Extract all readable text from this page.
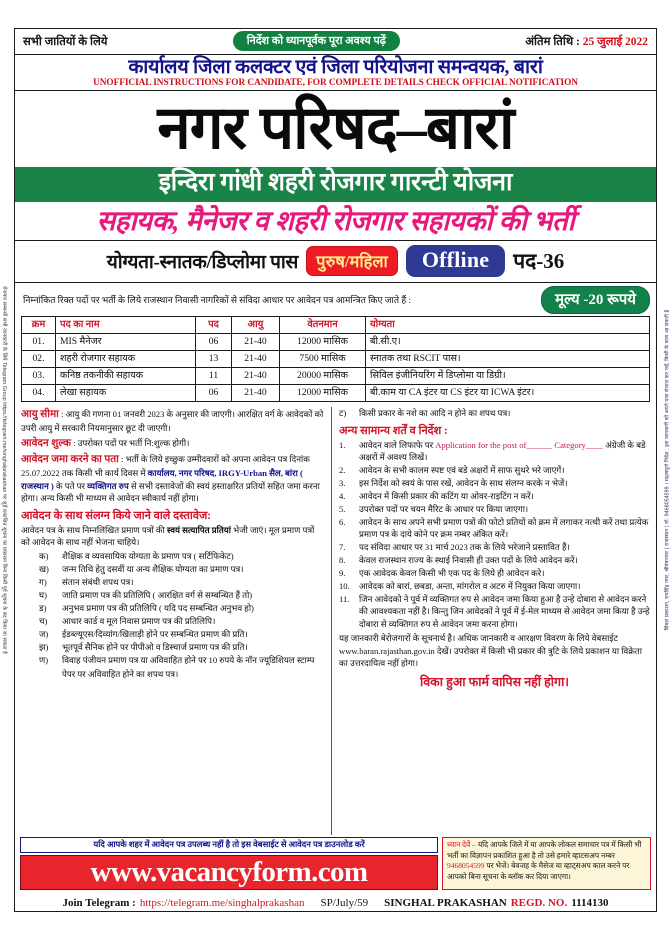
रोजगार सम्बन्धी सभी जानकारी के लिये Telegram Group https://telegram.me/singhalprakashan पर जुड़ें प्रकाशित सूचना का प्रकाशन बिना किसी पूर्व सूचना के बंद किया जा सकता है	सिंघल प्रकाशन, रायसिंह नगर, श्रीगंगानगर ( राजस्थान ) मो. 9468054599 । महत्वपूर्ण निर्देश : इस जानकारी को अपने पास संभाल कर रखें, किसी के काम आ सकती है
सभी जातियों के लिये	निर्देश को ध्यानपूर्वक पूरा अवश्य पढ़ें	अंतिम तिथि : 25 जुलाई 2022
कार्यालय जिला कलक्टर एवं जिला परियोजना समन्वयक, बारां
UNOFFICIAL INSTRUCTIONS FOR CANDIDATE, FOR COMPLETE DETAILS CHECK OFFICIAL NOTIFICATION
नगर परिषद–बारां
इन्दिरा गांधी शहरी रोजगार गारन्टी योजना
सहायक, मैनेजर व शहरी रोजगार सहायकों की भर्ती
योग्यता-स्नातक/डिप्लोमा पास	पुरुष/महिला	Offline	पद-36
निम्नांकित रिक्त पदों पर भर्ती के लिये राजस्थान निवासी नागरिकों से संविदा आधार पर आवेदन पत्र आमन्त्रित किए जाते हैं :	मूल्य -20 रूपये
क्रम	पद का नाम	पद	आयु	वेतनमान	योग्यता
01.	MIS मैनेजर	06	21-40	12000 मासिक	बी.सी.ए।
02.	शहरी रोजगार सहायक	13	21-40	7500 मासिक	स्नातक तथा RSCIT पास।
03.	कनिष्ठ तकनीकी सहायक	11	21-40	20000 मासिक	सिविल इंजीनियरिंग में डिप्लोमा या डिग्री।
04.	लेखा सहायक	06	21-40	12000 मासिक	बी.काम या CA इंटर या CS इंटर या ICWA इंटर।
आयु सीमा : आयु की गणना 01 जनवरी 2023 के अनुसार की जाएगी। आरक्षित वर्ग के आवेदकों को उपरी आयु में सरकारी नियमानुसार छूट दी जाएगी।
आवेदन शुल्क : उपरोक्त पदों पर भर्ती नि:शुल्क होगी।
आवेदन जमा करने का पता : भर्ती के लिये इच्छुक उम्मीदवारों को अपना आवेदन पत्र दिनांक 25.07.2022 तक किसी भी कार्य दिवस में कार्यालय, नगर परिषद, IRGY-Urban सैल, बांरा ( राजस्थान ) के पते पर व्यक्तिगत रुप से सभी दस्तावेजों की स्वयं हस्ताक्षरित प्रतियों सहित जमा करना होगा। अन्य किसी भी माध्यम से आवेदन स्वीकार्य नहीं होगा।
आवेदन के साथ संलग्न किये जाने वाले दस्तावेज:
आवेदन पत्र के साथ निम्नलिखित प्रमाण पत्रों की स्वयं सत्यापित प्रतियां भेजी जाएं। मूल प्रमाण पत्रों को आवेदन के साथ नहीं भेजना चाहिये।
क)	शैक्षिक व व्यवसायिक योग्यता के प्रमाण पत्र ( सर्टिफिकेट)
ख)	जन्म तिथि हेतु दसवीं या अन्य शैक्षिक योग्यता का प्रमाण पत्र।
ग)	संतान संबंधी शपथ पत्र।
घ)	जाति प्रमाण पत्र की प्रतिलिपि ( आरक्षित वर्ग से सम्बन्धित हैं तो)
ड)	अनुभव प्रमाण पत्र की प्रतिलिपि ( यदि पद सम्बन्धित अनुभव हो)
च)	आधार कार्ड व मूल निवास प्रमाण पत्र की प्रतिलिपि।
ज)	ईडब्ल्यूएस/दिव्यांग/खिलाड़ी होने पर सम्बन्धित प्रमाण की प्रति।
झ)	भूतपूर्व सैनिक होने पर पीपीओ व डिस्चार्ज प्रमाण पत्र की प्रति।
ण)	विवाह पंजीयन प्रमाण पत्र या अविवाहित होने पर 10 रुपये के नॉन ज्यूडिशियल स्टाम्प पेपर पर अविवाहित होने का शपथ पत्र।
ट)	किसी प्रकार के नशे का आदि न होने का शपथ पत्र।
अन्य सामान्य शर्तें व निर्देश :
1.	आवेदन वाले लिफाफे पर Application for the post of______ Category____ अंग्रेजी के बडे अक्षरों में अवश्य लिखें।
2.	आवेदन के सभी कालम स्पष्ट एवं बडे अक्षरों में साफ सुथरे भरे जाएगें।
3.	इस निर्देश को स्वयं के पास रखें, आवेदन के साथ संलग्न करके न भेजें।
4.	आवेदन में किसी प्रकार की कटिंग या ओवर-राइटिंग न करें।
5.	उपरोक्त पदों पर चयन मैरिट के आधार पर किया जाएगा।
6.	आवेदन के साथ अपने सभी प्रमाण पत्रों की फोटो प्रतियों को क्रम में लगाकर नत्थी करें तथा प्रत्येक प्रमाण पत्र के दाये कोने पर क्रम नम्बर अंकित करें।
7.	पद संविदा आधार पर 31 मार्च 2023 तक के लिये भरेजाने प्रस्तावित हैं।
8.	केवल राजस्थान राज्य के स्थाई निवासी ही उक्त पदों के लिये आवेदन करें।
9.	एक आवेदक केवल किसी भी एक पद के लिये ही आवेदन करे।
10.	आवेदक को बारां, छबडा, अन्ता, मांगरोल व अटरु में नियुक्त किया जाएगा।
11.	जिन आवेदको ने पूर्व में व्यक्तिगत रुप से आवेदन जमा किया हुआ है उन्हे दोबारा से आवेदन करने की आवश्यकता नहीं है। किन्तु जिन आवेदकों ने पूर्व में ई-मेल माध्यम से आवेदन जमा किया है उन्हे दोबारा से व्यक्तिगत रुप से आवेदन जमा करना होगा।
यह जानकारी बेरोजगारों के सूचनार्थ है। अधिक जानकारी व आरक्षण विवरण के लिये वेबसाईट www.baran.rajasthan.gov.in देखें। उपरोक्त में किसी भी प्रकार की त्रुटि के लिये प्रकाशन या विक्रेता का उत्तरदायित्व नहीं होगा।
विका हुआ फार्म वापिस नहीं होगा।
यदि आपके शहर में आवेदन पत्र उपलब्ध नहीं है तो इस वेबसाईट से आवेदन पत्र डाउनलोड करें
www.vacancyform.com
ध्यान देवें – यदि आपके जिले में या आपके लोकल समाचार पत्र में किसी भी भर्ती का विज्ञापन प्रकाशित हुआ है तो उसे हमारे व्हाटसअप नम्बर 9468054599 पर भेजें। बेवजह के मैसेज या व्हाट्सअप काल करने पर आपको बिना सूचना के ब्लॉक कर दिया जाएगा।
Join Telegram : https://telegram.me/singhalprakashan SP/July/59 SINGHAL PRAKASHAN REGD. NO. 1114130
